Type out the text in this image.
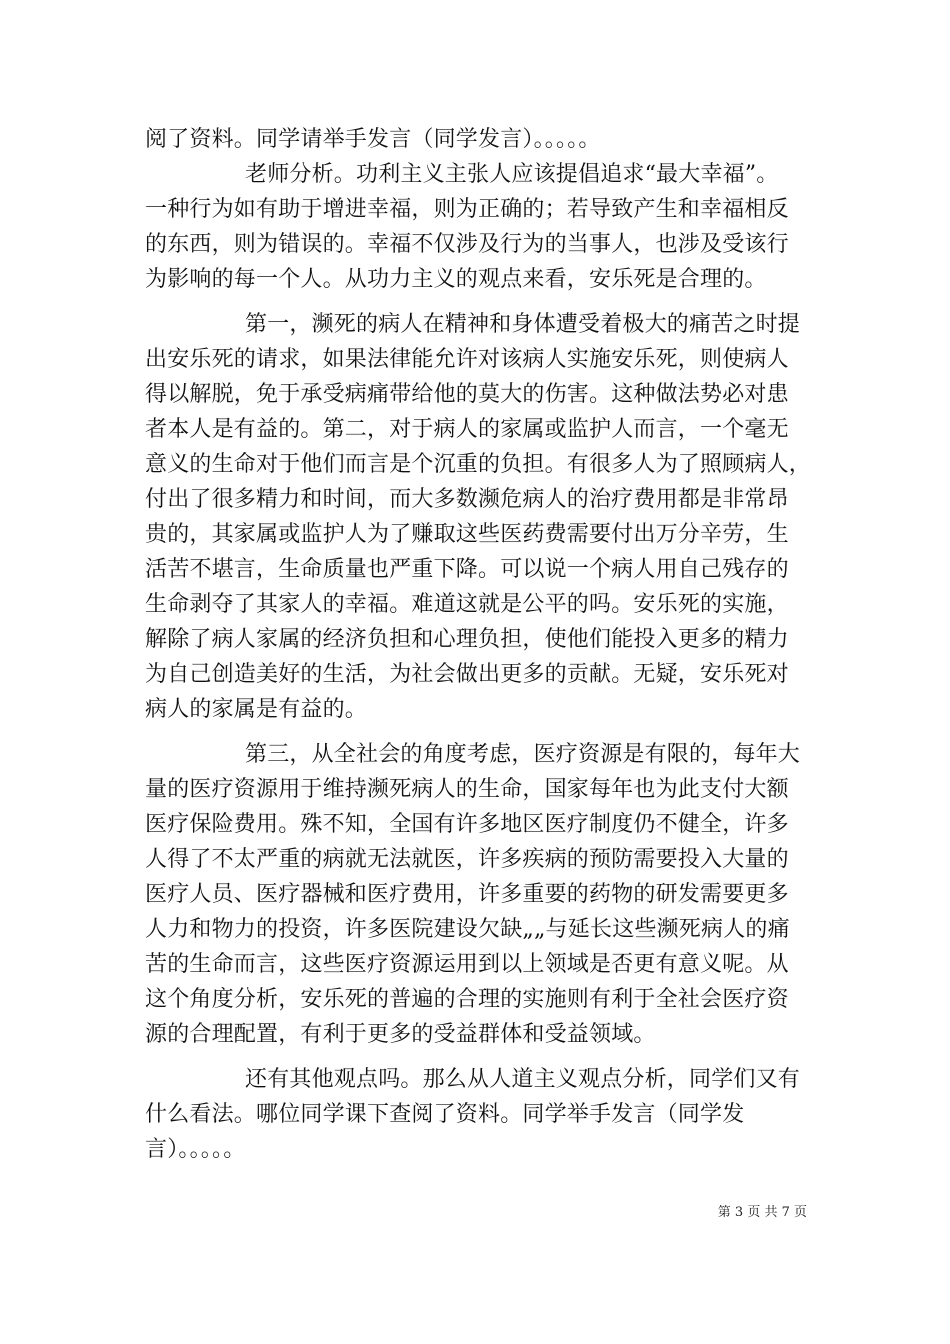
阅了资料。同学请举手发言（同学发言）。。。。。
老师分析。功利主义主张人应该提倡追求“最大幸福”。
一种行为如有助于增进幸福，则为正确的；若导致产生和幸福相反
的东西，则为错误的。幸福不仅涉及行为的当事人，也涉及受该行
为影响的每一个人。从功力主义的观点来看，安乐死是合理的。
第一，濒死的病人在精神和身体遭受着极大的痛苦之时提
出安乐死的请求，如果法律能允许对该病人实施安乐死，则使病人
得以解脱，免于承受病痛带给他的莫大的伤害。这种做法势必对患
者本人是有益的。第二，对于病人的家属或监护人而言，一个毫无
意义的生命对于他们而言是个沉重的负担。有很多人为了照顾病人，
付出了很多精力和时间，而大多数濒危病人的治疗费用都是非常昂
贵的，其家属或监护人为了赚取这些医药费需要付出万分辛劳，生
活苦不堪言，生命质量也严重下降。可以说一个病人用自己残存的
生命剥夺了其家人的幸福。难道这就是公平的吗。安乐死的实施，
解除了病人家属的经济负担和心理负担，使他们能投入更多的精力
为自己创造美好的生活，为社会做出更多的贡献。无疑，安乐死对
病人的家属是有益的。
第三，从全社会的角度考虑，医疗资源是有限的，每年大
量的医疗资源用于维持濒死病人的生命，国家每年也为此支付大额
医疗保险费用。殊不知，全国有许多地区医疗制度仍不健全，许多
人得了不太严重的病就无法就医，许多疾病的预防需要投入大量的
医疗人员、医疗器械和医疗费用，许多重要的药物的研发需要更多
人力和物力的投资，许多医院建设欠缺„„与延长这些濒死病人的痛
苦的生命而言，这些医疗资源运用到以上领域是否更有意义呢。从
这个角度分析，安乐死的普遍的合理的实施则有利于全社会医疗资
源的合理配置，有利于更多的受益群体和受益领域。
还有其他观点吗。那么从人道主义观点分析，同学们又有
什么看法。哪位同学课下查阅了资料。同学举手发言（同学发
言）。。。。。
第 3 页 共 7 页
